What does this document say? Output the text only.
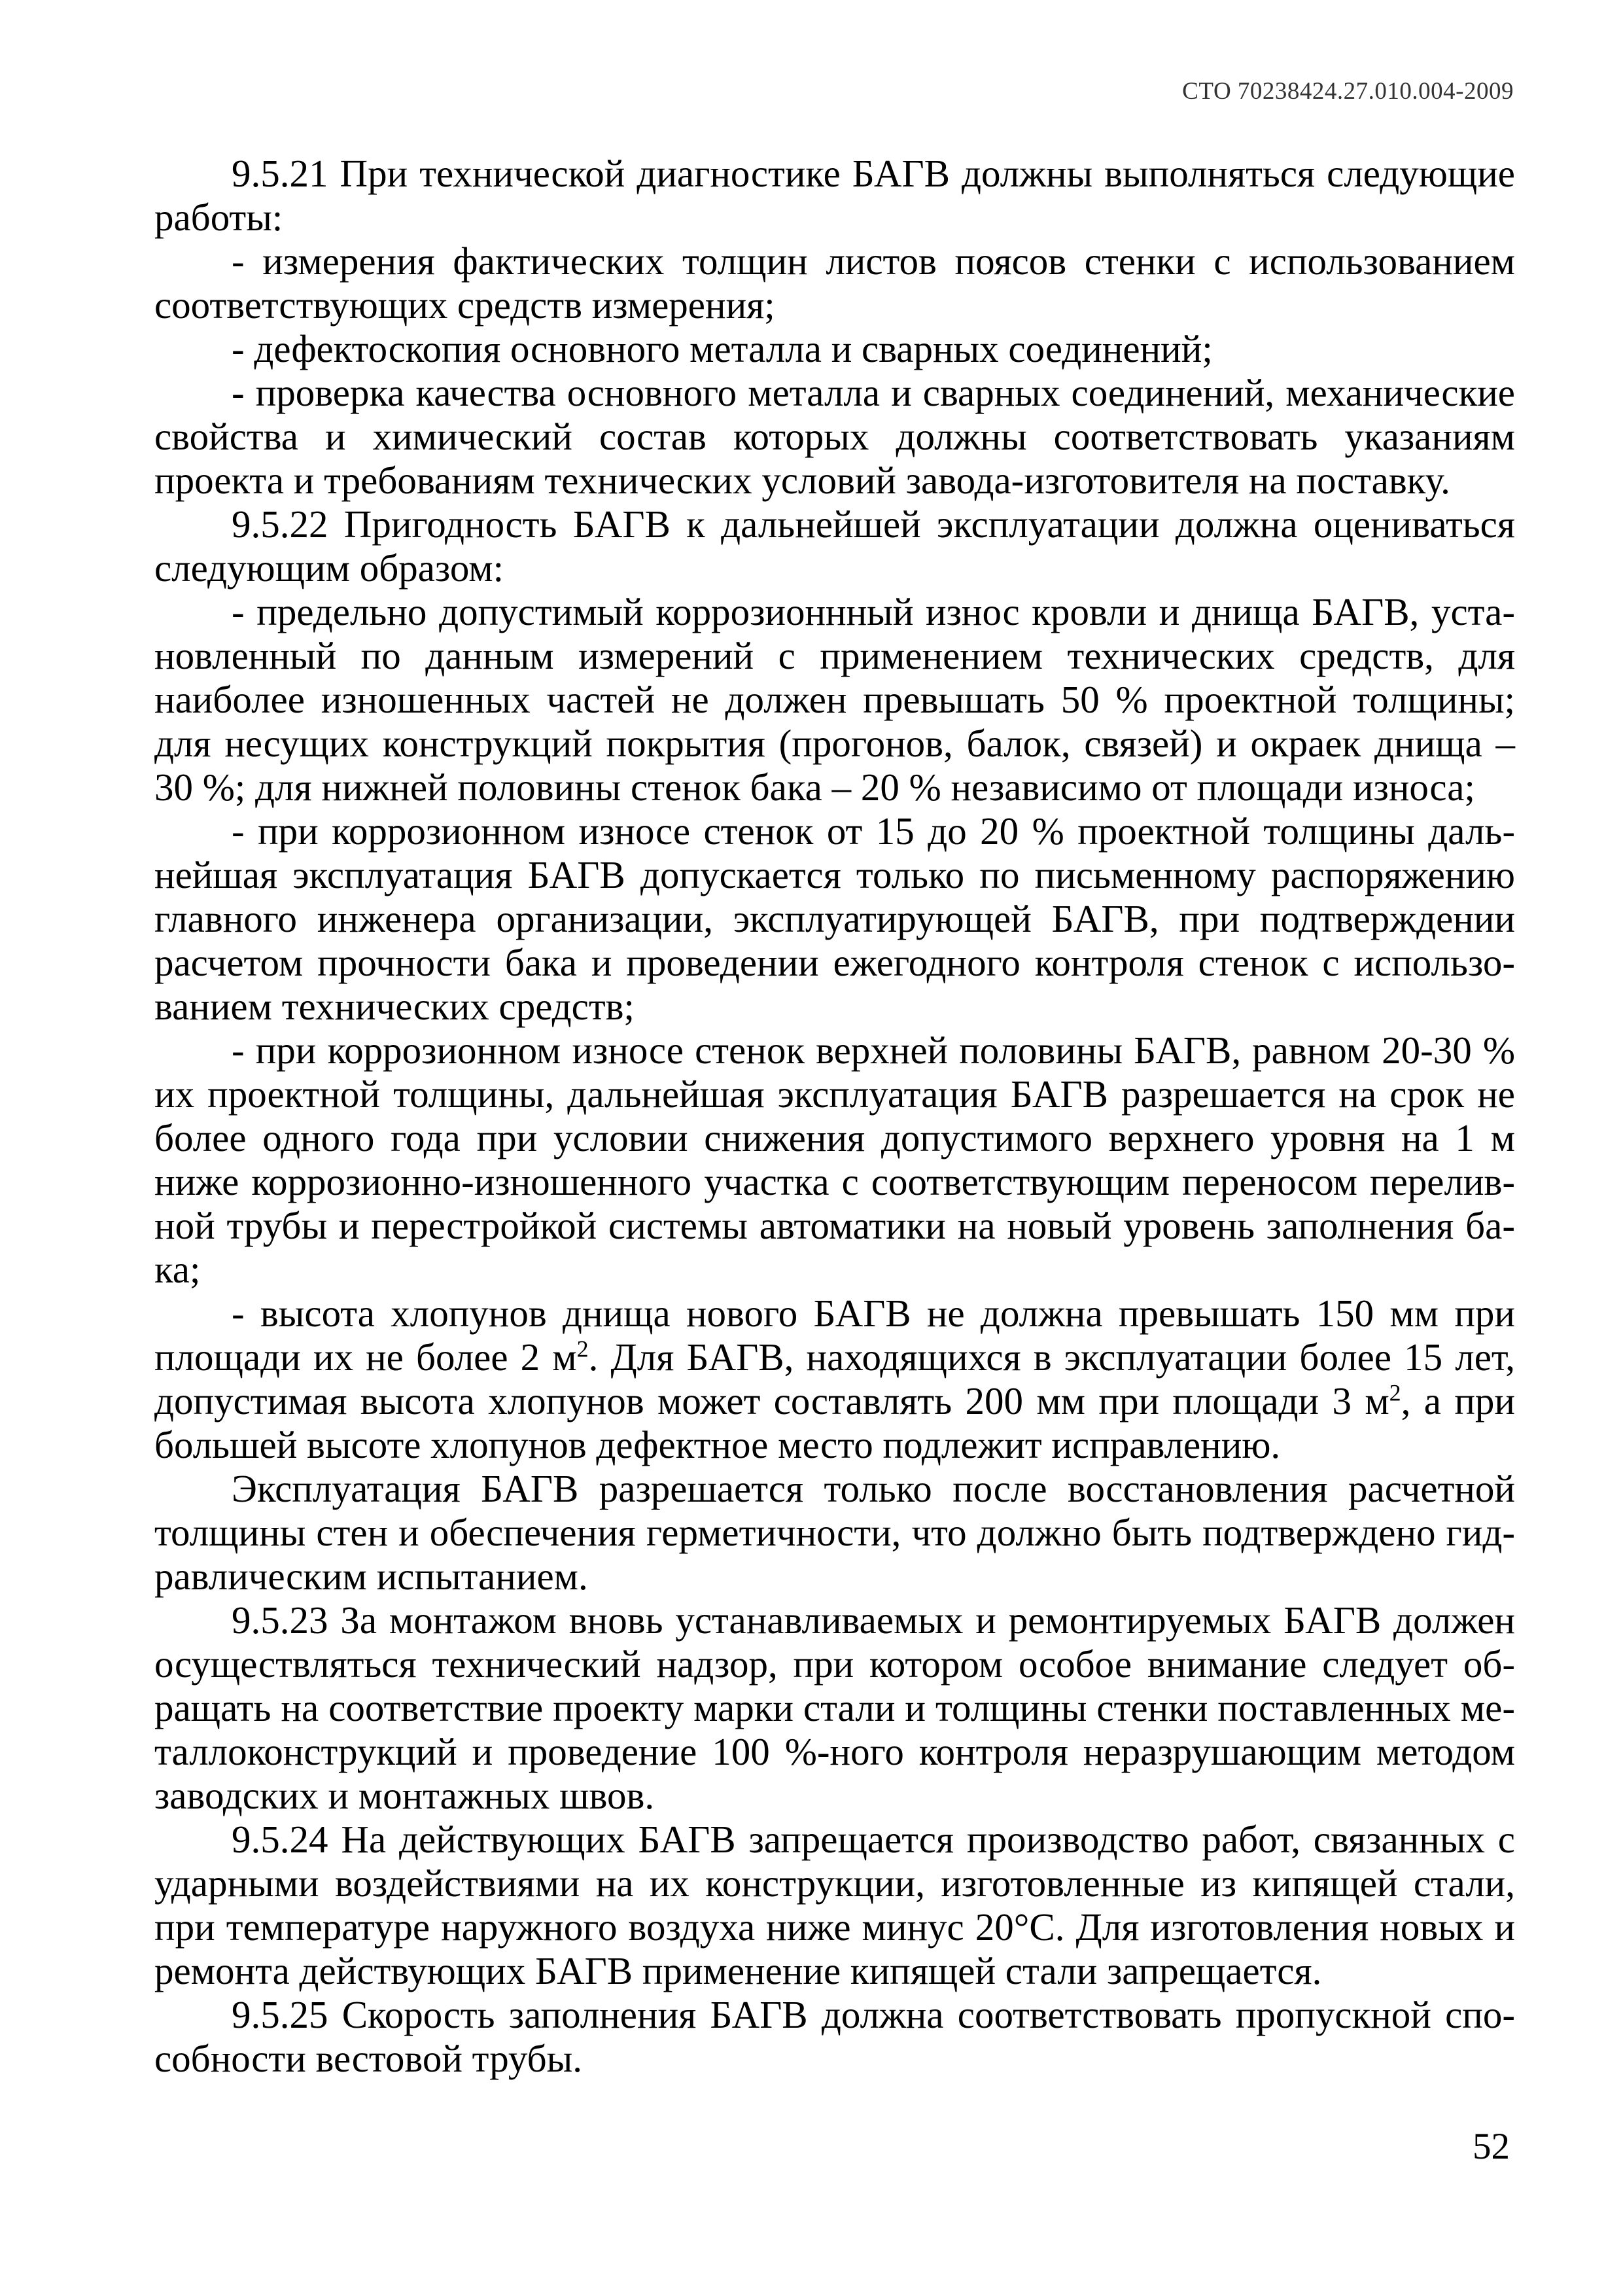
СТО 70238424.27.010.004-2009

9.5.21 При технической диагностике БАГВ должны выполняться следующие работы:

- измерения фактических толщин листов поясов стенки с использованием соответствующих средств измерения;

- дефектоскопия основного металла и сварных соединений;

- проверка качества основного металла и сварных соединений, механические свойства и химический состав которых должны соответствовать указаниям проекта и требованиям технических условий завода-изготовителя на поставку.

9.5.22 Пригодность БАГВ к дальнейшей эксплуатации должна оцениваться следующим образом:

- предельно допустимый коррозионнный износ кровли и днища БАГВ, установленный по данным измерений с применением технических средств, для наиболее изношенных частей не должен превышать 50 % проектной толщины; для несущих конструкций покрытия (прогонов, балок, связей) и окраек днища – 30 %; для нижней половины стенок бака – 20 % независимо от площади износа;

- при коррозионном износе стенок от 15 до 20 % проектной толщины дальнейшая эксплуатация БАГВ допускается только по письменному распоряжению главного инженера организации, эксплуатирующей БАГВ, при подтверждении расчетом прочности бака и проведении ежегодного контроля стенок с использованием технических средств;

- при коррозионном износе стенок верхней половины БАГВ, равном 20-30 % их проектной толщины, дальнейшая эксплуатация БАГВ разрешается на срок не более одного года при условии снижения допустимого верхнего уровня на 1 м ниже коррозионно-изношенного участка с соответствующим переносом переливной трубы и перестройкой системы автоматики на новый уровень заполнения бака;

- высота хлопунов днища нового БАГВ не должна превышать 150 мм при площади их не более 2 $м^2$. Для БАГВ, находящихся в эксплуатации более 15 лет, допустимая высота хлопунов может составлять 200 мм при площади 3 $м^2$, а при большей высоте хлопунов дефектное место подлежит исправлению.

Эксплуатация БАГВ разрешается только после восстановления расчетной толщины стен и обеспечения герметичности, что должно быть подтверждено гидравлическим испытанием.

9.5.23 За монтажом вновь устанавливаемых и ремонтируемых БАГВ должен осуществляться технический надзор, при котором особое внимание следует обращать на соответствие проекту марки стали и толщины стенки поставленных металлоконструкций и проведение 100 %-ного контроля неразрушающим методом заводских и монтажных швов.

9.5.24 На действующих БАГВ запрещается производство работ, связанных с ударными воздействиями на их конструкции, изготовленные из кипящей стали, при температуре наружного воздуха ниже минус 20°С. Для изготовления новых и ремонта действующих БАГВ применение кипящей стали запрещается.

9.5.25 Скорость заполнения БАГВ должна соответствовать пропускной способности вестовой трубы.

52
